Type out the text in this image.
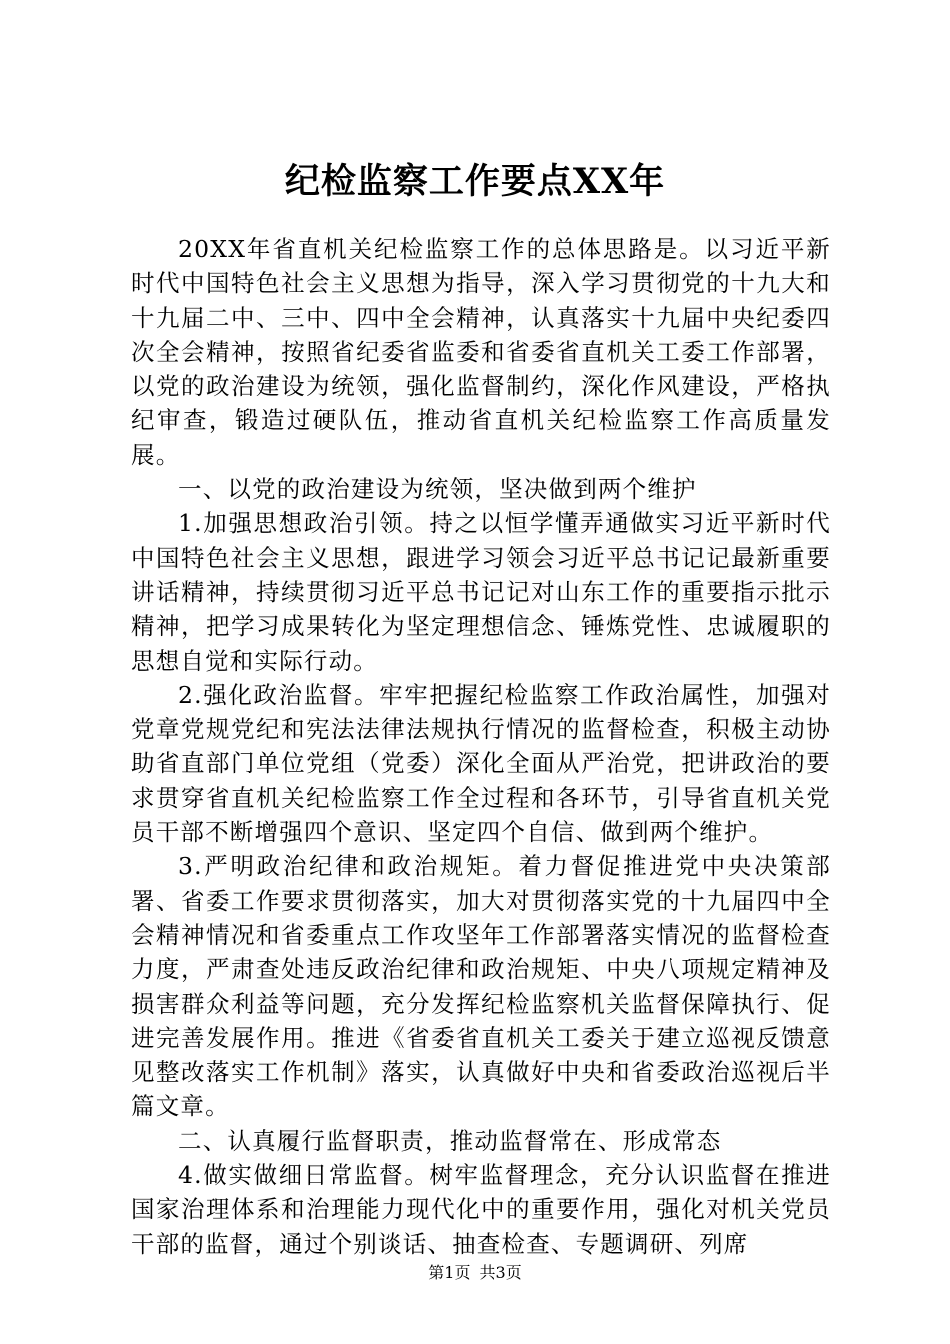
纪检监察工作要点XX年

20XX年省直机关纪检监察工作的总体思路是。以习近平新时代中国特色社会主义思想为指导，深入学习贯彻党的十九大和十九届二中、三中、四中全会精神，认真落实十九届中央纪委四次全会精神，按照省纪委省监委和省委省直机关工委工作部署，以党的政治建设为统领，强化监督制约，深化作风建设，严格执纪审查，锻造过硬队伍，推动省直机关纪检监察工作高质量发展。

一、以党的政治建设为统领，坚决做到两个维护

1.加强思想政治引领。持之以恒学懂弄通做实习近平新时代中国特色社会主义思想，跟进学习领会习近平总书记记最新重要讲话精神，持续贯彻习近平总书记记对山东工作的重要指示批示精神，把学习成果转化为坚定理想信念、锤炼党性、忠诚履职的思想自觉和实际行动。

2.强化政治监督。牢牢把握纪检监察工作政治属性，加强对党章党规党纪和宪法法律法规执行情况的监督检查，积极主动协助省直部门单位党组（党委）深化全面从严治党，把讲政治的要求贯穿省直机关纪检监察工作全过程和各环节，引导省直机关党员干部不断增强四个意识、坚定四个自信、做到两个维护。

3.严明政治纪律和政治规矩。着力督促推进党中央决策部署、省委工作要求贯彻落实，加大对贯彻落实党的十九届四中全会精神情况和省委重点工作攻坚年工作部署落实情况的监督检查力度，严肃查处违反政治纪律和政治规矩、中央八项规定精神及损害群众利益等问题，充分发挥纪检监察机关监督保障执行、促进完善发展作用。推进《省委省直机关工委关于建立巡视反馈意见整改落实工作机制》落实，认真做好中央和省委政治巡视后半篇文章。

二、认真履行监督职责，推动监督常在、形成常态

4.做实做细日常监督。树牢监督理念，充分认识监督在推进国家治理体系和治理能力现代化中的重要作用，强化对机关党员干部的监督，通过个别谈话、抽查检查、专题调研、列席

第1页 共3页
